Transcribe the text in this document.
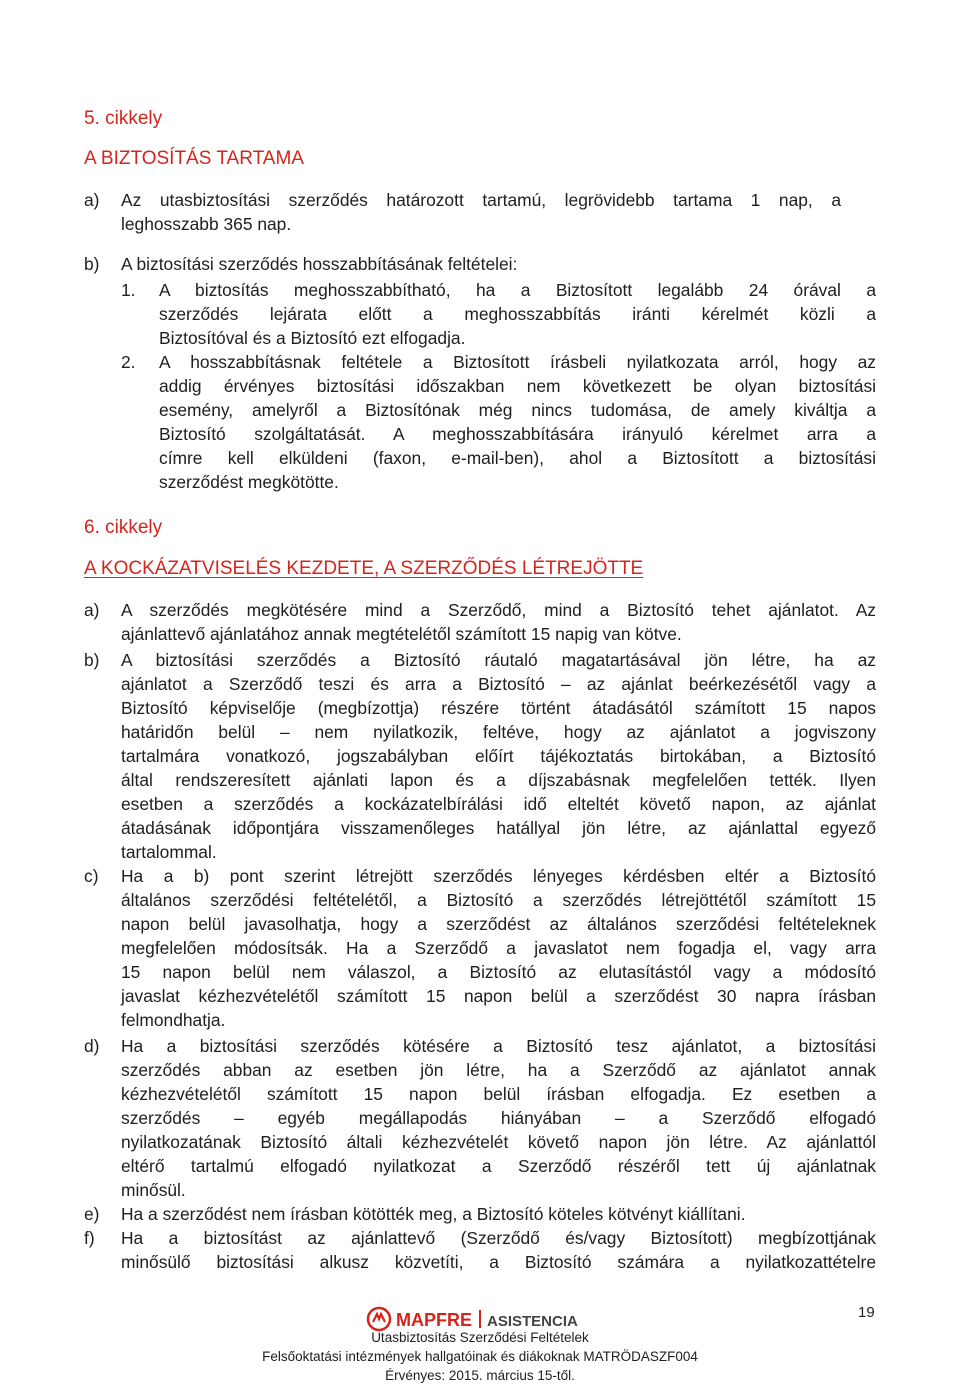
5. cikkely
A BIZTOSÍTÁS TARTAMA
a) Az utasbiztosítási szerződés határozott tartamú, legrövidebb tartama 1 nap, a
leghosszabb 365 nap.
b) A biztosítási szerződés hosszabbításának feltételei:
1. A biztosítás meghosszabbítható, ha a Biztosított legalább 24 órával a
szerződés lejárata előtt a meghosszabbítás iránti kérelmét közli a
Biztosítóval és a Biztosító ezt elfogadja.
2. A hosszabbításnak feltétele a Biztosított írásbeli nyilatkozata arról, hogy az
addig érvényes biztosítási időszakban nem következett be olyan biztosítási
esemény, amelyről a Biztosítónak még nincs tudomása, de amely kiváltja a
Biztosító szolgáltatását. A meghosszabbítására irányuló kérelmet arra a
címre kell elküldeni (faxon, e-mail-ben), ahol a Biztosított a biztosítási
szerződést megkötötte.
6. cikkely
A KOCKÁZATVISELÉS KEZDETE, A SZERZŐDÉS LÉTREJÖTTE
a) A szerződés megkötésére mind a Szerződő, mind a Biztosító tehet ajánlatot. Az
ajánlattevő ajánlatához annak megtételétől számított 15 napig van kötve.
b) A biztosítási szerződés a Biztosító ráutaló magatartásával jön létre, ha az
ajánlatot a Szerződő teszi és arra a Biztosító – az ajánlat beérkezésétől vagy a
Biztosító képviselője (megbízottja) részére történt átadásától számított 15 napos
határidőn belül – nem nyilatkozik, feltéve, hogy az ajánlatot a jogviszony
tartalmára vonatkozó, jogszabályban előírt tájékoztatás birtokában, a Biztosító
által rendszeresített ajánlati lapon és a díjszabásnak megfelelően tették. Ilyen
esetben a szerződés a kockázatelbírálási idő elteltét követő napon, az ajánlat
átadásának időpontjára visszamenőleges hatállyal jön létre, az ajánlattal egyező
tartalommal.
c) Ha a b) pont szerint létrejött szerződés lényeges kérdésben eltér a Biztosító
általános szerződési feltételétől, a Biztosító a szerződés létrejöttétől számított 15
napon belül javasolhatja, hogy a szerződést az általános szerződési feltételeknek
megfelelően módosítsák. Ha a Szerződő a javaslatot nem fogadja el, vagy arra
15 napon belül nem válaszol, a Biztosító az elutasítástól vagy a módosító
javaslat kézhezvételétől számított 15 napon belül a szerződést 30 napra írásban
felmondhatja.
d) Ha a biztosítási szerződés kötésére a Biztosító tesz ajánlatot, a biztosítási
szerződés abban az esetben jön létre, ha a Szerződő az ajánlatot annak
kézhezvételétől számított 15 napon belül írásban elfogadja. Ez esetben a
szerződés – egyéb megállapodás hiányában – a Szerződő elfogadó
nyilatkozatának Biztosító általi kézhezvételét követő napon jön létre. Az ajánlattól
eltérő tartalmú elfogadó nyilatkozat a Szerződő részéről tett új ajánlatnak
minősül.
e) Ha a szerződést nem írásban kötötték meg, a Biztosító köteles kötvényt kiállítani.
f) Ha a biztosítást az ajánlattevő (Szerződő és/vagy Biztosított) megbízottjának
minősülő biztosítási alkusz közvetíti, a Biztosító számára a nyilatkozattételre
MAPFRE ASISTENCIA
19
Utasbiztosítás Szerződési Feltételek
Felsőoktatási intézmények hallgatóinak és diákoknak MATRÖDASZF004
Érvényes: 2015. március 15-től.
